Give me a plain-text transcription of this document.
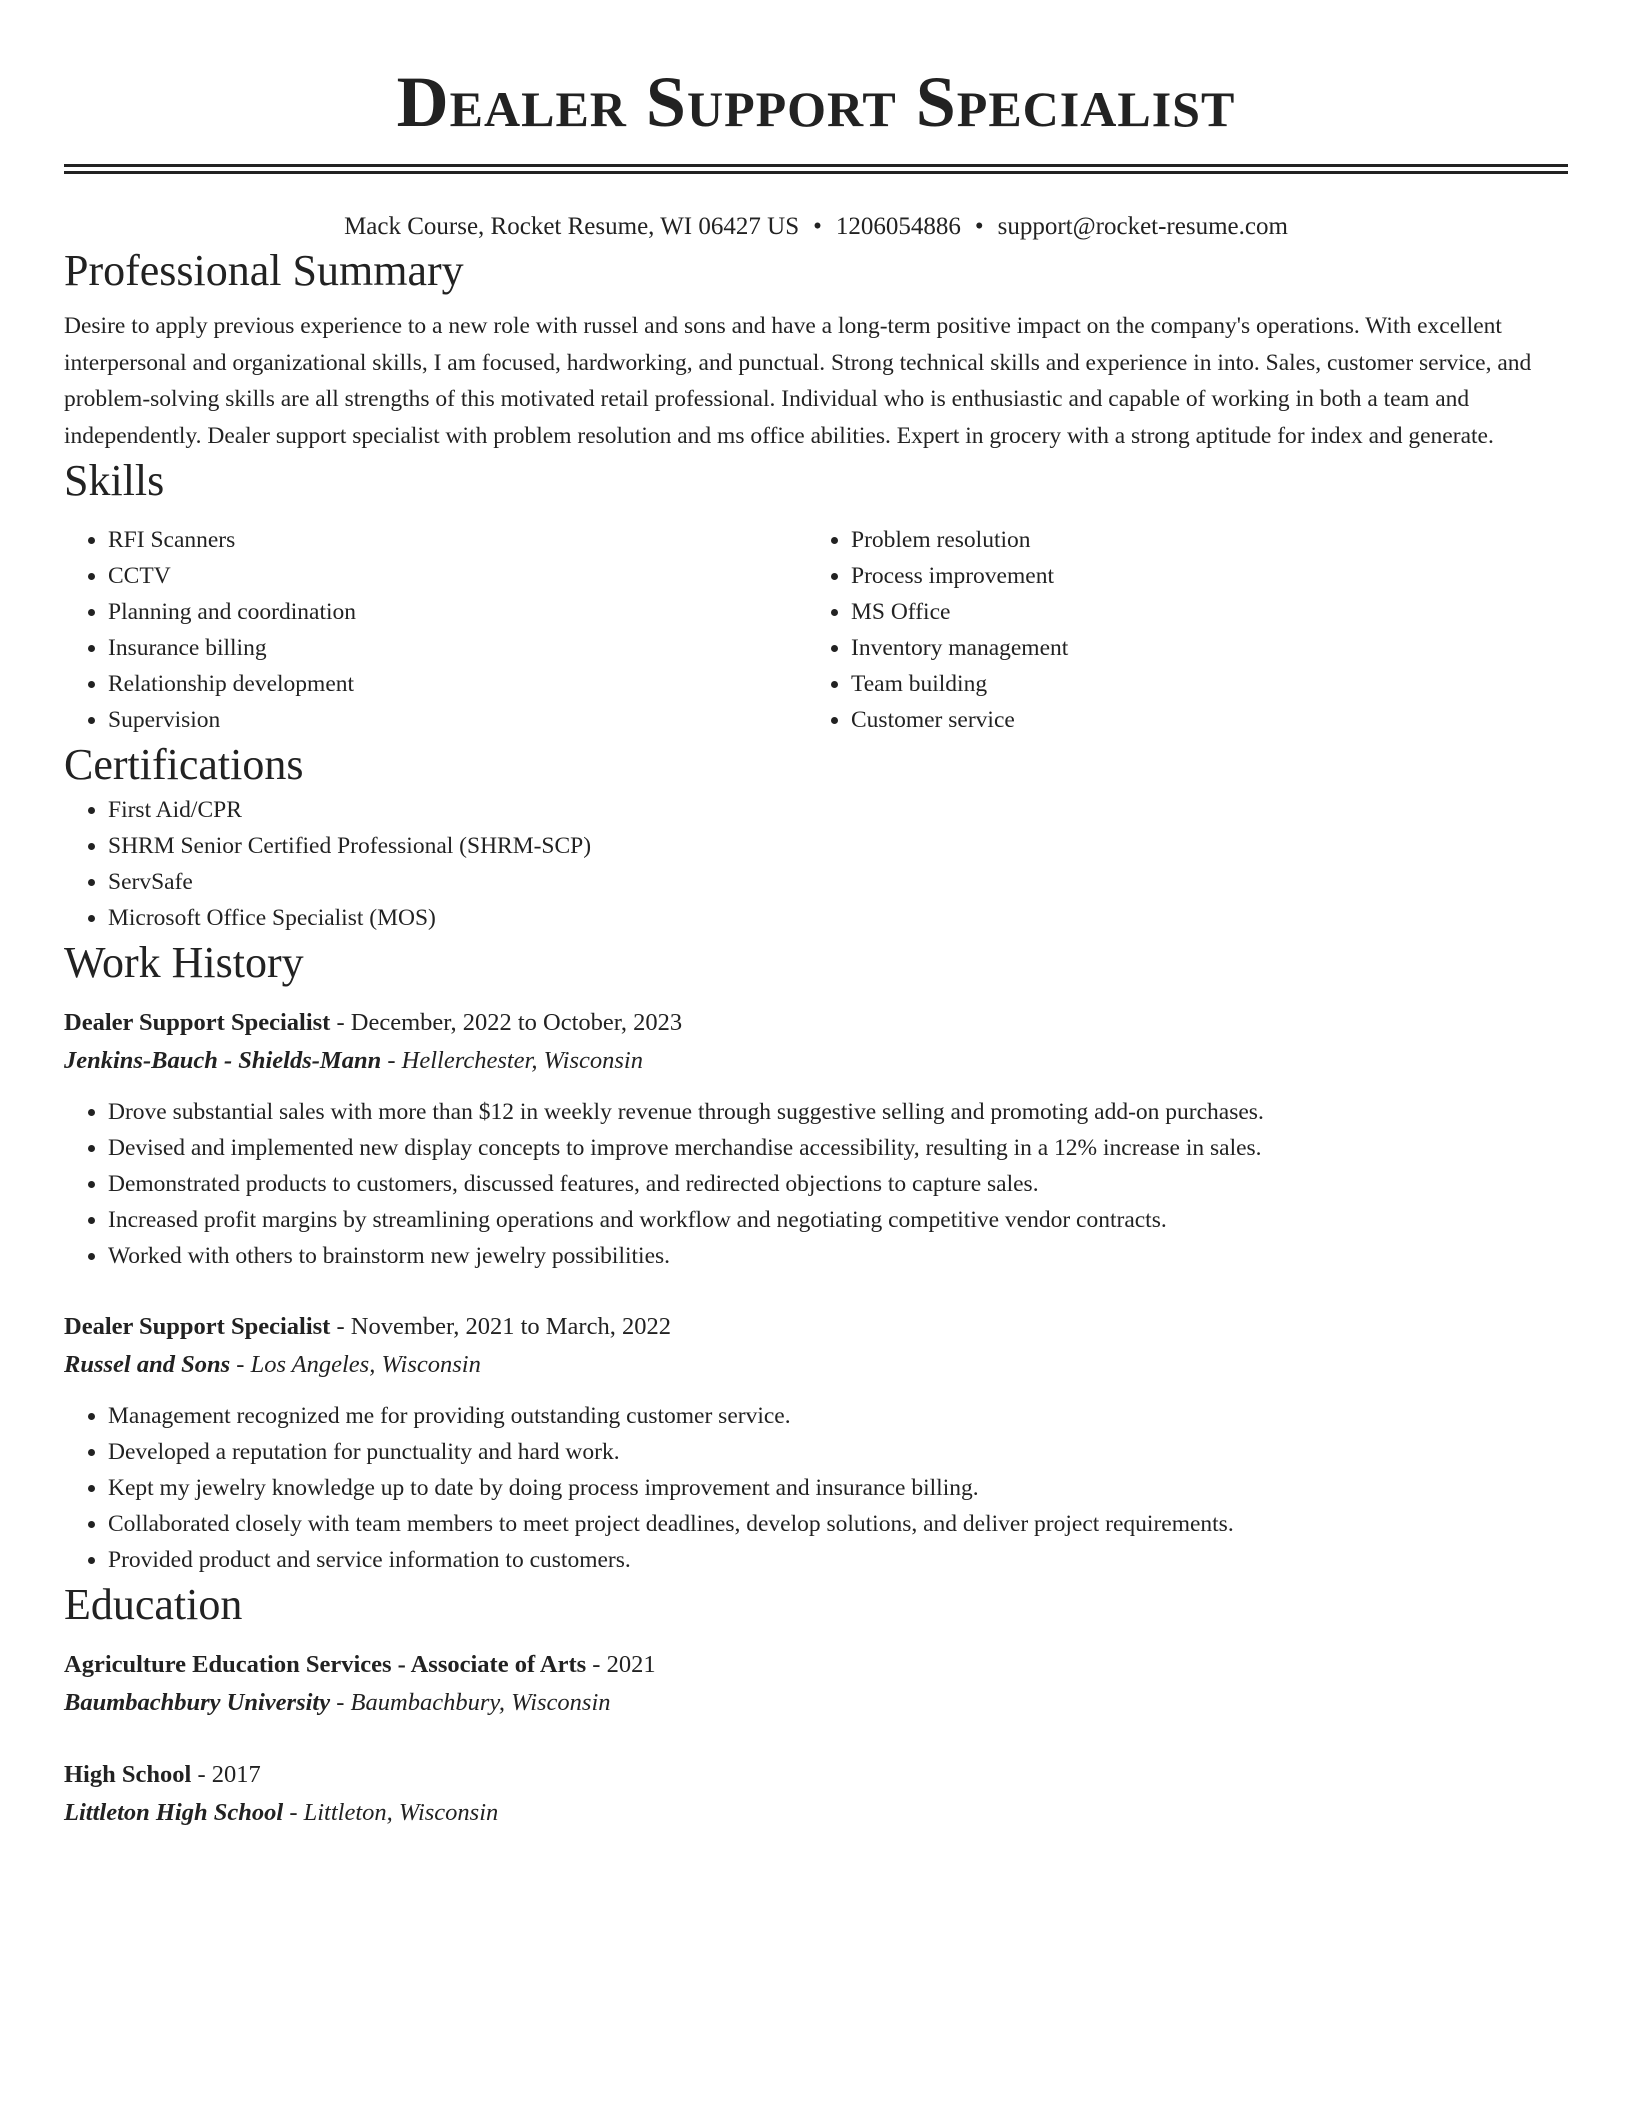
Dealer Support Specialist
Mack Course, Rocket Resume, WI 06427 US • 1206054886 • support@rocket-resume.com
Professional Summary
Desire to apply previous experience to a new role with russel and sons and have a long-term positive impact on the company's operations. With excellent interpersonal and organizational skills, I am focused, hardworking, and punctual. Strong technical skills and experience in into. Sales, customer service, and problem-solving skills are all strengths of this motivated retail professional. Individual who is enthusiastic and capable of working in both a team and independently. Dealer support specialist with problem resolution and ms office abilities. Expert in grocery with a strong aptitude for index and generate.
Skills
• RFI Scanners
• CCTV
• Planning and coordination
• Insurance billing
• Relationship development
• Supervision
• Problem resolution
• Process improvement
• MS Office
• Inventory management
• Team building
• Customer service
Certifications
• First Aid/CPR
• SHRM Senior Certified Professional (SHRM-SCP)
• ServSafe
• Microsoft Office Specialist (MOS)
Work History
Dealer Support Specialist - December, 2022 to October, 2023
Jenkins-Bauch - Shields-Mann - Hellerchester, Wisconsin
• Drove substantial sales with more than $12 in weekly revenue through suggestive selling and promoting add-on purchases.
• Devised and implemented new display concepts to improve merchandise accessibility, resulting in a 12% increase in sales.
• Demonstrated products to customers, discussed features, and redirected objections to capture sales.
• Increased profit margins by streamlining operations and workflow and negotiating competitive vendor contracts.
• Worked with others to brainstorm new jewelry possibilities.
Dealer Support Specialist - November, 2021 to March, 2022
Russel and Sons - Los Angeles, Wisconsin
• Management recognized me for providing outstanding customer service.
• Developed a reputation for punctuality and hard work.
• Kept my jewelry knowledge up to date by doing process improvement and insurance billing.
• Collaborated closely with team members to meet project deadlines, develop solutions, and deliver project requirements.
• Provided product and service information to customers.
Education
Agriculture Education Services - Associate of Arts - 2021
Baumbachbury University - Baumbachbury, Wisconsin
High School - 2017
Littleton High School - Littleton, Wisconsin
